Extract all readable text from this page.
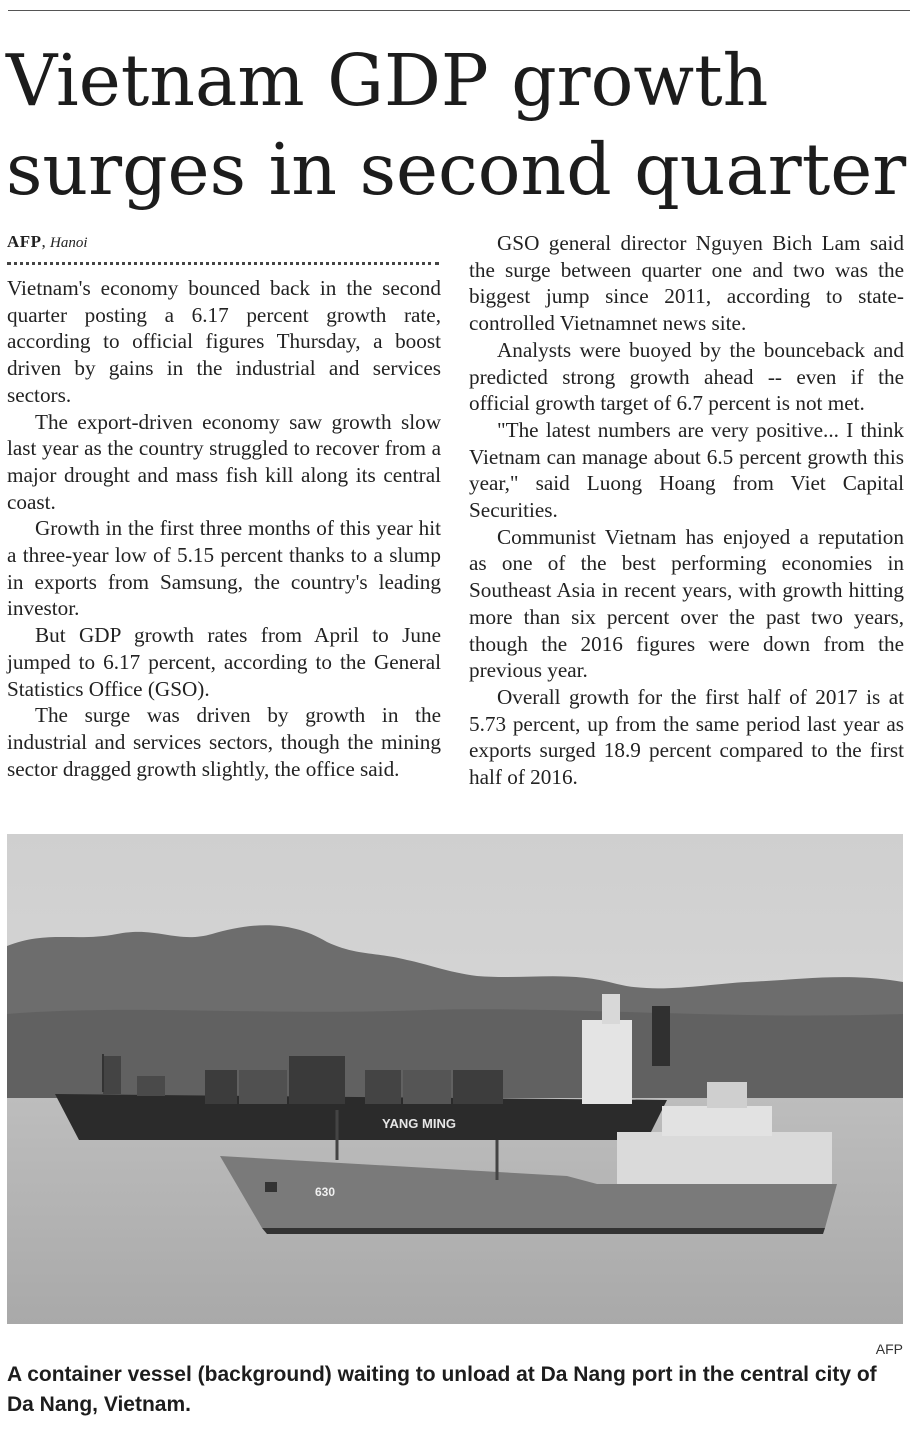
Vietnam GDP growth surges in second quarter
AFP, Hanoi

Vietnam's economy bounced back in the second quarter posting a 6.17 percent growth rate, according to official figures Thursday, a boost driven by gains in the industrial and services sectors.

The export-driven economy saw growth slow last year as the country struggled to recover from a major drought and mass fish kill along its central coast.

Growth in the first three months of this year hit a three-year low of 5.15 percent thanks to a slump in exports from Samsung, the country's leading investor.

But GDP growth rates from April to June jumped to 6.17 percent, according to the General Statistics Office (GSO).

The surge was driven by growth in the industrial and services sectors, though the mining sector dragged growth slightly, the office said.

GSO general director Nguyen Bich Lam said the surge between quarter one and two was the biggest jump since 2011, according to state-controlled Vietnamnet news site.

Analysts were buoyed by the bounceback and predicted strong growth ahead -- even if the official growth target of 6.7 percent is not met.

"The latest numbers are very positive... I think Vietnam can manage about 6.5 percent growth this year," said Luong Hoang from Viet Capital Securities.

Communist Vietnam has enjoyed a reputation as one of the best performing economies in Southeast Asia in recent years, with growth hitting more than six percent over the past two years, though the 2016 figures were down from the previous year.

Overall growth for the first half of 2017 is at 5.73 percent, up from the same period last year as exports surged 18.9 percent compared to the first half of 2016.

YANG MING
630
AFP

A container vessel (background) waiting to unload at Da Nang port in the central city of Da Nang, Vietnam.
